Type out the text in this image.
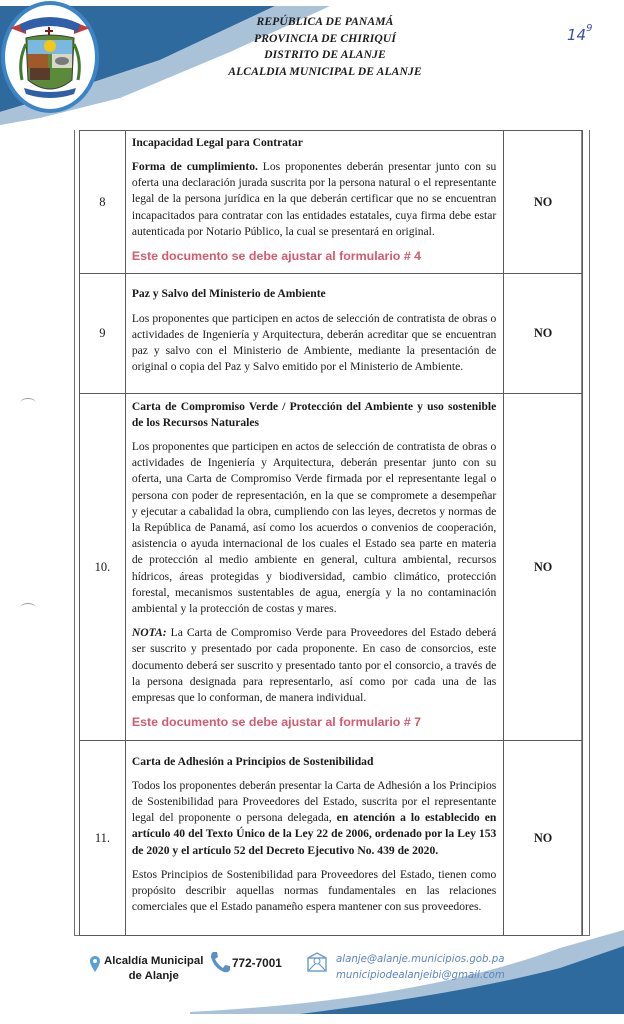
REPÚBLICA DE PANAMÁ
PROVINCIA DE CHIRIQUÍ
DISTRITO DE ALANJE
ALCALDIA MUNICIPAL DE ALANJE
$14^9$
8	Incapacidad Legal para Contratar
Forma de cumplimiento. Los proponentes deberán presentar junto con su oferta una declaración jurada suscrita por la persona natural o el representante legal de la persona jurídica en la que deberán certificar que no se encuentran incapacitados para contratar con las entidades estatales, cuya firma debe estar autenticada por Notario Público, la cual se presentará en original.
Este documento se debe ajustar al formulario # 4	NO
9	Paz y Salvo del Ministerio de Ambiente
Los proponentes que participen en actos de selección de contratista de obras o actividades de Ingeniería y Arquitectura, deberán acreditar que se encuentran paz y salvo con el Ministerio de Ambiente, mediante la presentación de original o copia del Paz y Salvo emitido por el Ministerio de Ambiente.	NO
10.	Carta de Compromiso Verde / Protección del Ambiente y uso sostenible de los Recursos Naturales
Los proponentes que participen en actos de selección de contratista de obras o actividades de Ingeniería y Arquitectura, deberán presentar junto con su oferta, una Carta de Compromiso Verde firmada por el representante legal o persona con poder de representación, en la que se compromete a desempeñar y ejecutar a cabalidad la obra, cumpliendo con las leyes, decretos y normas de la República de Panamá, así como los acuerdos o convenios de cooperación, asistencia o ayuda internacional de los cuales el Estado sea parte en materia de protección al medio ambiente en general, cultura ambiental, recursos hídricos, áreas protegidas y biodiversidad, cambio climático, protección forestal, mecanismos sustentables de agua, energía y la no contaminación ambiental y la protección de costas y mares.
NOTA: La Carta de Compromiso Verde para Proveedores del Estado deberá ser suscrito y presentado por cada proponente. En caso de consorcios, este documento deberá ser suscrito y presentado tanto por el consorcio, a través de la persona designada para representarlo, así como por cada una de las empresas que lo conforman, de manera individual.
Este documento se debe ajustar al formulario # 7	NO
11.	Carta de Adhesión a Principios de Sostenibilidad
Todos los proponentes deberán presentar la Carta de Adhesión a los Principios de Sostenibilidad para Proveedores del Estado, suscrita por el representante legal del proponente o persona delegada, en atención a lo establecido en artículo 40 del Texto Único de la Ley 22 de 2006, ordenado por la Ley 153 de 2020 y el artículo 52 del Decreto Ejecutivo No. 439 de 2020.
Estos Principios de Sostenibilidad para Proveedores del Estado, tienen como propósito describir aquellas normas fundamentales en las relaciones comerciales que el Estado panameño espera mantener con sus proveedores.	NO
Alcaldía Municipal
de Alanje
772-7001	alanje@alanje.municipios.gob.pa
municipiodealanjeibi@gmail.com
